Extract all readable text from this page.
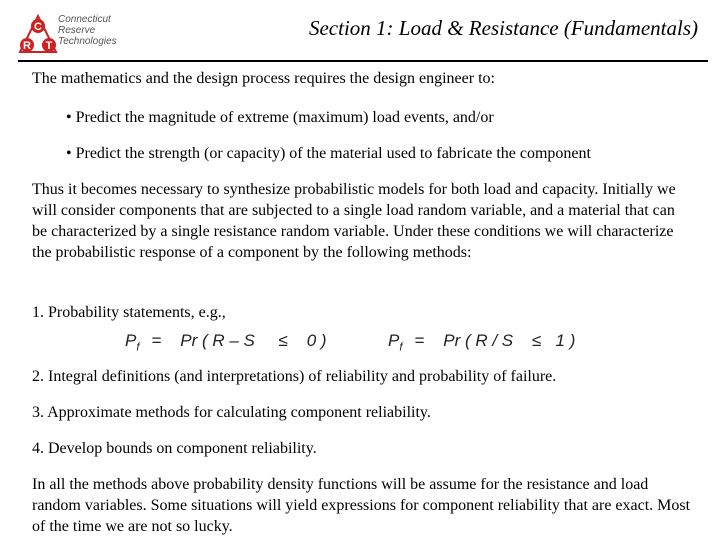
C
R T
Connecticut
Reserve
Technologies
Section 1: Load & Resistance (Fundamentals)
The mathematics and the design process requires the design engineer to:
• Predict the magnitude of extreme (maximum) load events, and/or
• Predict the strength (or capacity) of the material used to fabricate the component
Thus it becomes necessary to synthesize probabilistic models for both load and capacity. Initially we will consider components that are subjected to a single load random variable, and a material that can be characterized by a single resistance random variable. Under these conditions we will characterize the probabilistic response of a component by the following methods:
1. Probability statements, e.g.,
$P_f$ =    Pr ( R – S     ≤    0 )	$P_f$ =    Pr ( R / S    ≤   1 )
2. Integral definitions (and interpretations) of reliability and probability of failure.
3. Approximate methods for calculating component reliability.
4. Develop bounds on component reliability.
In all the methods above probability density functions will be assume for the resistance and load random variables. Some situations will yield expressions for component reliability that are exact. Most of the time we are not so lucky.
